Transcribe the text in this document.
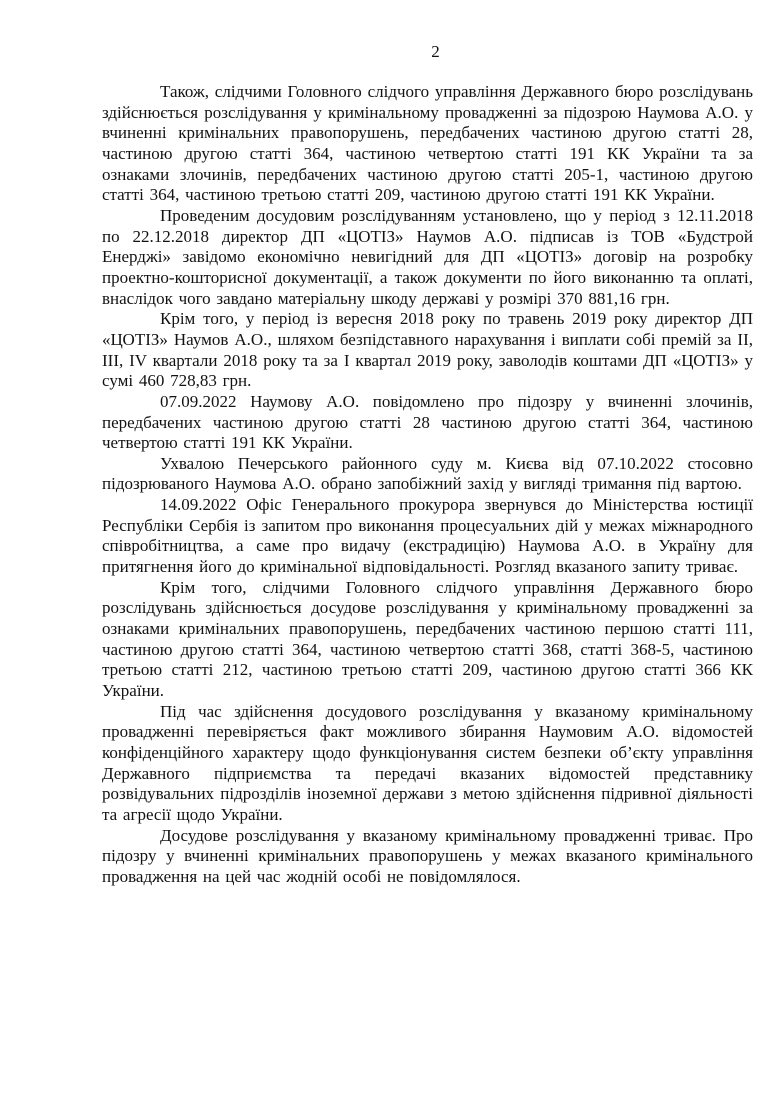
2

Також, слідчими Головного слідчого управління Державного бюро розслідувань здійснюється розслідування у кримінальному провадженні за підозрою Наумова А.О. у вчиненні кримінальних правопорушень, передбачених частиною другою статті 28, частиною другою статті 364, частиною четвертою статті 191 КК України та за ознаками злочинів, передбачених частиною другою статті 205-1, частиною другою статті 364, частиною третьою статті 209, частиною другою статті 191 КК України.

Проведеним досудовим розслідуванням установлено, що у період з 12.11.2018 по 22.12.2018 директор ДП «ЦОТІЗ» Наумов А.О. підписав із ТОВ «Будстрой Енерджі» завідомо економічно невигідний для ДП «ЦОТІЗ» договір на розробку проектно-кошторисної документації, а також документи по його виконанню та оплаті, внаслідок чого завдано матеріальну шкоду державі у розмірі 370 881,16 грн.

Крім того, у період із вересня 2018 року по травень 2019 року директор ДП «ЦОТІЗ» Наумов А.О., шляхом безпідставного нарахування і виплати собі премій за II, III, IV квартали 2018 року та за I квартал 2019 року, заволодів коштами ДП «ЦОТІЗ» у сумі 460 728,83 грн.

07.09.2022 Наумову А.О. повідомлено про підозру у вчиненні злочинів, передбачених частиною другою статті 28 частиною другою статті 364, частиною четвертою статті 191 КК України.

Ухвалою Печерського районного суду м. Києва від 07.10.2022 стосовно підозрюваного Наумова А.О. обрано запобіжний захід у вигляді тримання під вартою.

14.09.2022 Офіс Генерального прокурора звернувся до Міністерства юстиції Республіки Сербія із запитом про виконання процесуальних дій у межах міжнародного співробітництва, а саме про видачу (екстрадицію) Наумова А.О. в Україну для притягнення його до кримінальної відповідальності. Розгляд вказаного запиту триває.

Крім того, слідчими Головного слідчого управління Державного бюро розслідувань здійснюється досудове розслідування у кримінальному провадженні за ознаками кримінальних правопорушень, передбачених частиною першою статті 111, частиною другою статті 364, частиною четвертою статті 368, статті 368-5, частиною третьою статті 212, частиною третьою статті 209, частиною другою статті 366 КК України.

Під час здійснення досудового розслідування у вказаному кримінальному провадженні перевіряється факт можливого збирання Наумовим А.О. відомостей конфіденційного характеру щодо функціонування систем безпеки об’єкту управління Державного підприємства та передачі вказаних відомостей представнику розвідувальних підрозділів іноземної держави з метою здійснення підривної діяльності та агресії щодо України.

Досудове розслідування у вказаному кримінальному провадженні триває. Про підозру у вчиненні кримінальних правопорушень у межах вказаного кримінального провадження на цей час жодній особі не повідомлялося.
